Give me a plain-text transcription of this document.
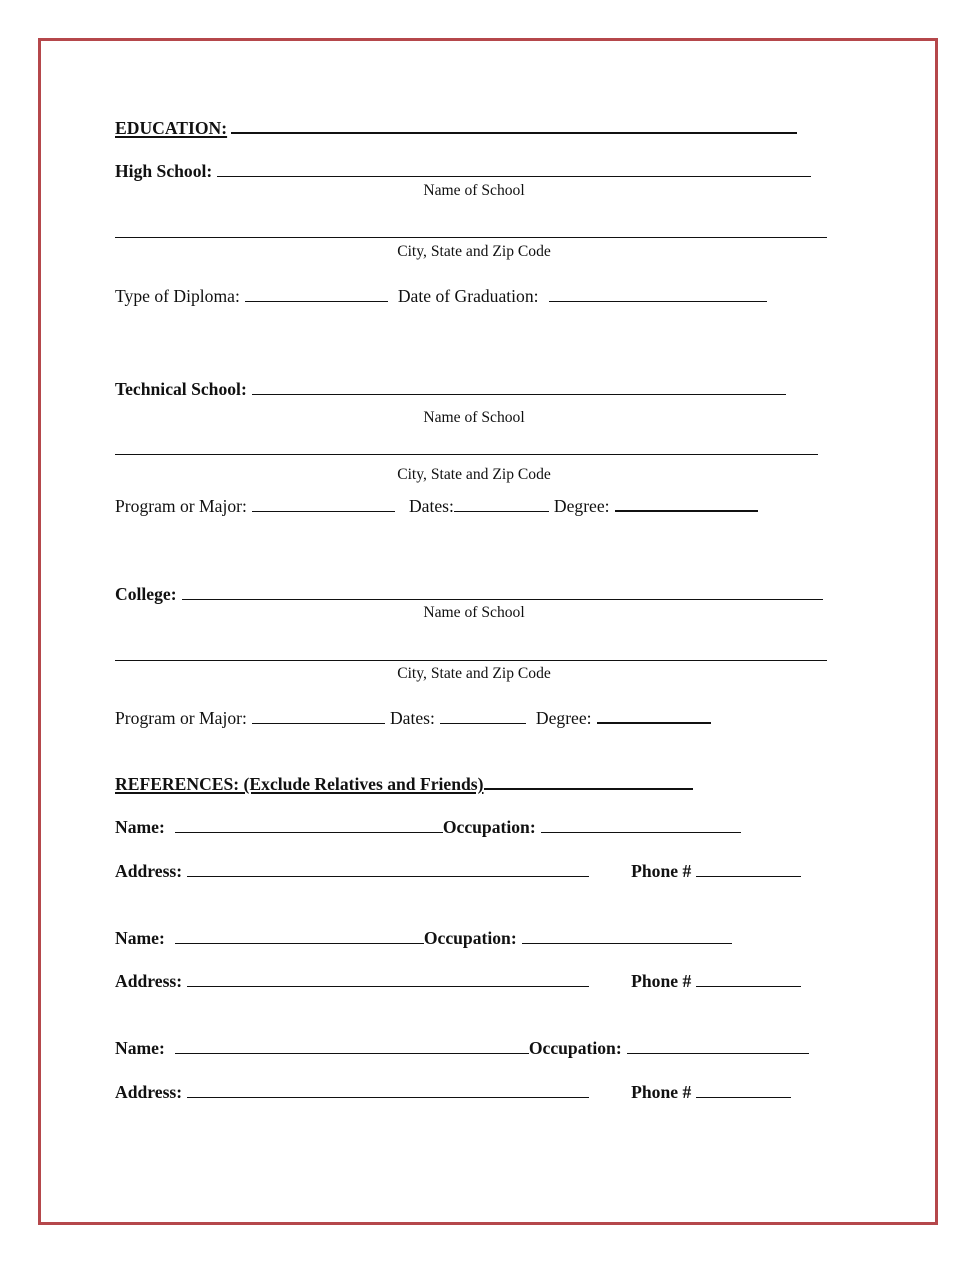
EDUCATION:
High School:
Name of School
City, State and Zip Code
Type of Diploma:	Date of Graduation:
Technical School:
Name of School
City, State and Zip Code
Program or Major:	Dates:	Degree:
College:
Name of School
City, State and Zip Code
Program or Major:	Dates:	Degree:
REFERENCES: (Exclude Relatives and Friends)
Name:	Occupation:
Address:	Phone #
Name:	Occupation:
Address:	Phone #
Name:	Occupation:
Address:	Phone #
